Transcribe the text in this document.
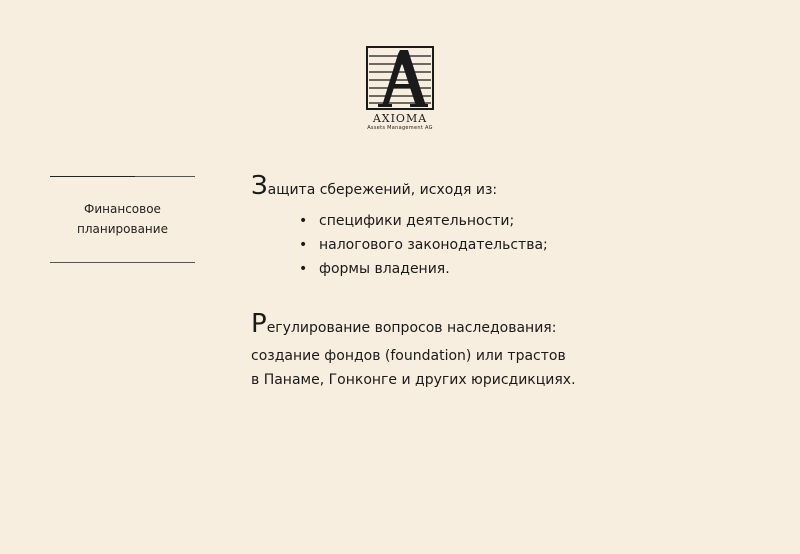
AXIOMA
Assets Management AG
Финансовое
планирование
Защита сбережений, исходя из:
• специфики деятельности;
• налогового законодательства;
• формы владения.
Регулирование вопросов наследования:
создание фондов (foundation) или трастов
в Панаме, Гонконге и других юрисдикциях.
